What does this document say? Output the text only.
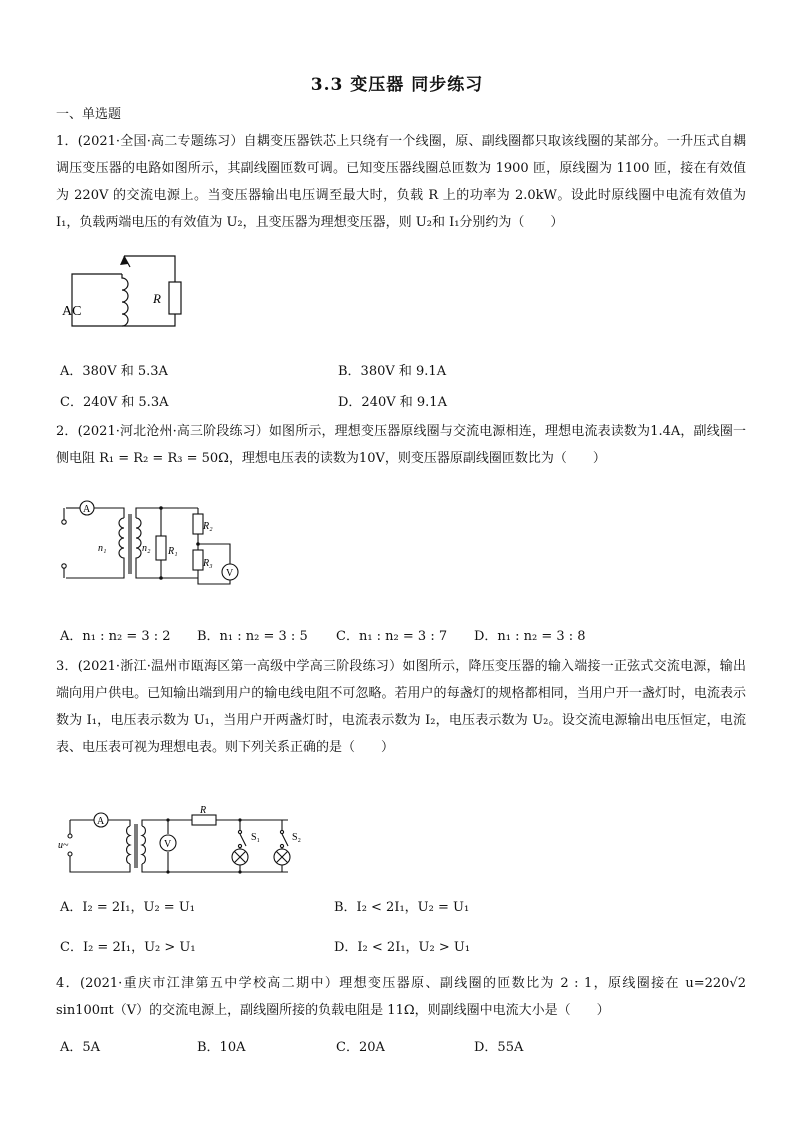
3.3 变压器 同步练习
一、单选题
1．(2021·全国·高二专题练习）自耦变压器铁芯上只绕有一个线圈，原、副线圈都只取该线圈的某部分。一升压式自耦调压变压器的电路如图所示，其副线圈匝数可调。已知变压器线圈总匝数为 1900 匝，原线圈为 1100 匝，接在有效值为 220V 的交流电源上。当变压器输出电压调至最大时，负载 R 上的功率为 2.0kW。设此时原线圈中电流有效值为 I₁，负载两端电压的有效值为 U₂，且变压器为理想变压器，则 U₂和 I₁分别约为（　　）
AC
R
A．380V 和 5.3A	B．380V 和 9.1A
C．240V 和 5.3A	D．240V 和 9.1A
2．(2021·河北沧州·高三阶段练习）如图所示，理想变压器原线圈与交流电源相连，理想电流表读数为1.4A，副线圈一侧电阻 R₁ = R₂ = R₃ = 50Ω，理想电压表的读数为10V，则变压器原副线圈匝数比为（　　）
A
V
n₁	n₂ R₁
R₂
R₃
A．n₁ : n₂ = 3 : 2 B．n₁ : n₂ = 3 : 5 C．n₁ : n₂ = 3 : 7 D．n₁ : n₂ = 3 : 8
3．(2021·浙江·温州市瓯海区第一高级中学高三阶段练习）如图所示，降压变压器的输入端接一正弦式交流电源，输出端向用户供电。已知输出端到用户的输电线电阻不可忽略。若用户的每盏灯的规格都相同，当用户开一盏灯时，电流表示数为 I₁，电压表示数为 U₁，当用户开两盏灯时，电流表示数为 I₂，电压表示数为 U₂。设交流电源输出电压恒定，电流表、电压表可视为理想电表。则下列关系正确的是（　　）
A
V
R
u~
S₁	S₂
A．I₂ = 2I₁，U₂ = U₁	B．I₂ < 2I₁，U₂ = U₁
C．I₂ = 2I₁，U₂ > U₁	D．I₂ < 2I₁，U₂ > U₁
4．(2021·重庆市江津第五中学校高二期中）理想变压器原、副线圈的匝数比为 2 : 1，原线圈接在 u=220√2 sin100πt（V）的交流电源上，副线圈所接的负载电阻是 11Ω，则副线圈中电流大小是（　　）
A．5A	B．10A	C．20A	D．55A
